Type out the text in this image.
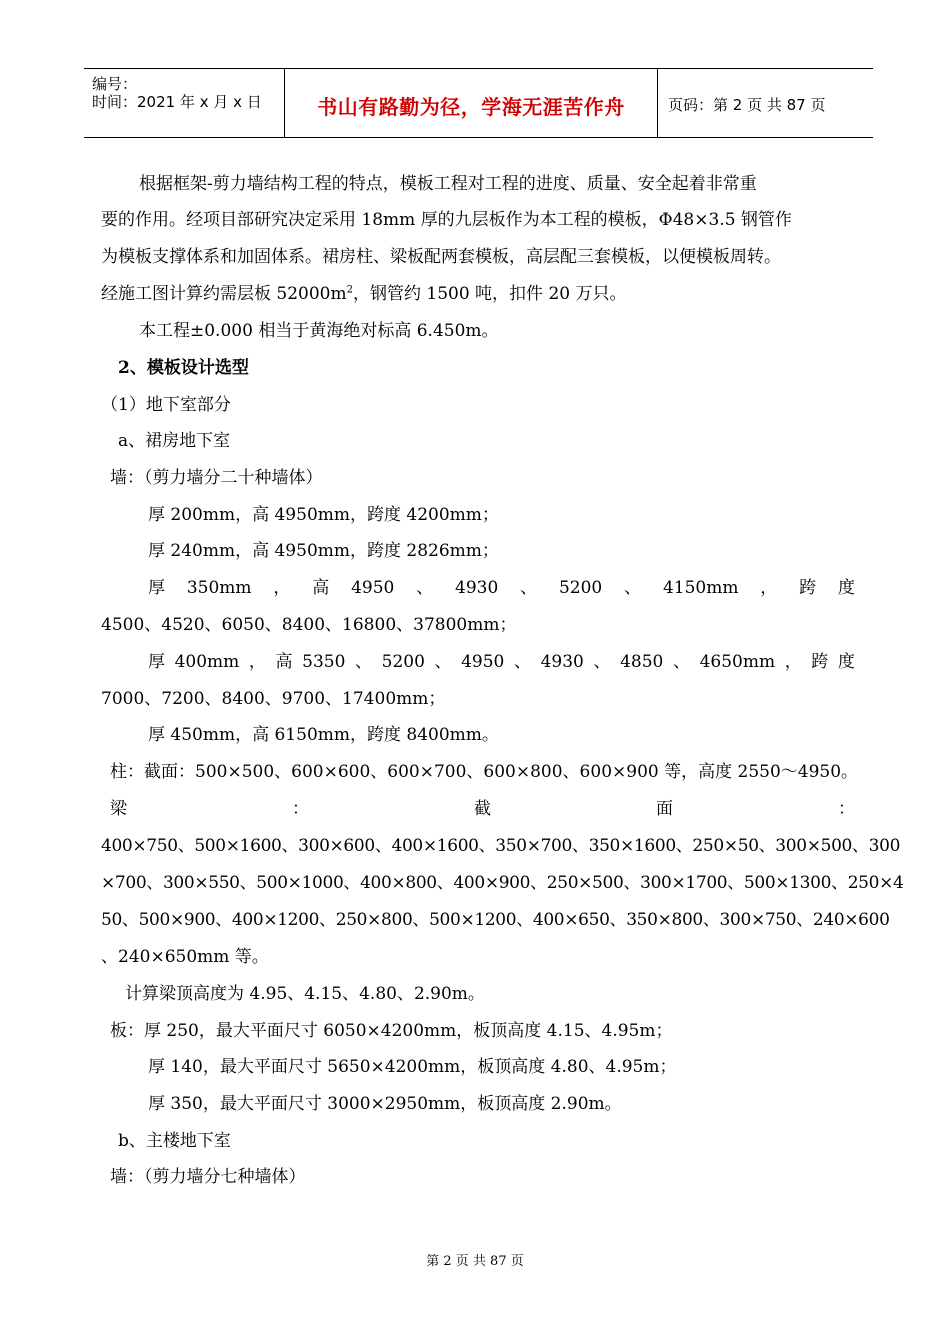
编号：
时间：2021 年 x 月 x 日	书山有路勤为径，学海无涯苦作舟	页码：第 2 页 共 87 页
根据框架-剪力墙结构工程的特点，模板工程对工程的进度、质量、安全起着非常重
要的作用。经项目部研究决定采用 18mm 厚的九层板作为本工程的模板，Φ48×3.5 钢管作
为模板支撑体系和加固体系。裙房柱、梁板配两套模板，高层配三套模板，以便模板周转。
经施工图计算约需层板 $52000m^2$，钢管约 1500 吨，扣件 20 万只。
本工程±0.000 相当于黄海绝对标高 6.450m。
2、模板设计选型
（1）地下室部分
a、裙房地下室
墙：（剪力墙分二十种墙体）
厚 200mm，高 4950mm，跨度 4200mm；
厚 240mm，高 4950mm，跨度 2826mm；
厚 350mm ， 高 4950 、 4930 、 5200 、 4150mm ， 跨 度
4500、4520、6050、8400、16800、37800mm；
厚 400mm ， 高 5350 、 5200 、 4950 、 4930 、 4850 、 4650mm ， 跨 度
7000、7200、8400、9700、17400mm；
厚 450mm，高 6150mm，跨度 8400mm。
柱：截面：500×500、600×600、600×700、600×800、600×900 等，高度 2550～4950。
梁	：	截	面	：
400×750、500×1600、300×600、400×1600、350×700、350×1600、250×50、300×500、300
×700、300×550、500×1000、400×800、400×900、250×500、300×1700、500×1300、250×4
50、500×900、400×1200、250×800、500×1200、400×650、350×800、300×750、240×600
、240×650mm 等。
计算梁顶高度为 4.95、4.15、4.80、2.90m。
板：厚 250，最大平面尺寸 6050×4200mm，板顶高度 4.15、4.95m；
厚 140，最大平面尺寸 5650×4200mm，板顶高度 4.80、4.95m；
厚 350，最大平面尺寸 3000×2950mm，板顶高度 2.90m。
b、主楼地下室
墙：（剪力墙分七种墙体）
第 2 页 共 87 页
